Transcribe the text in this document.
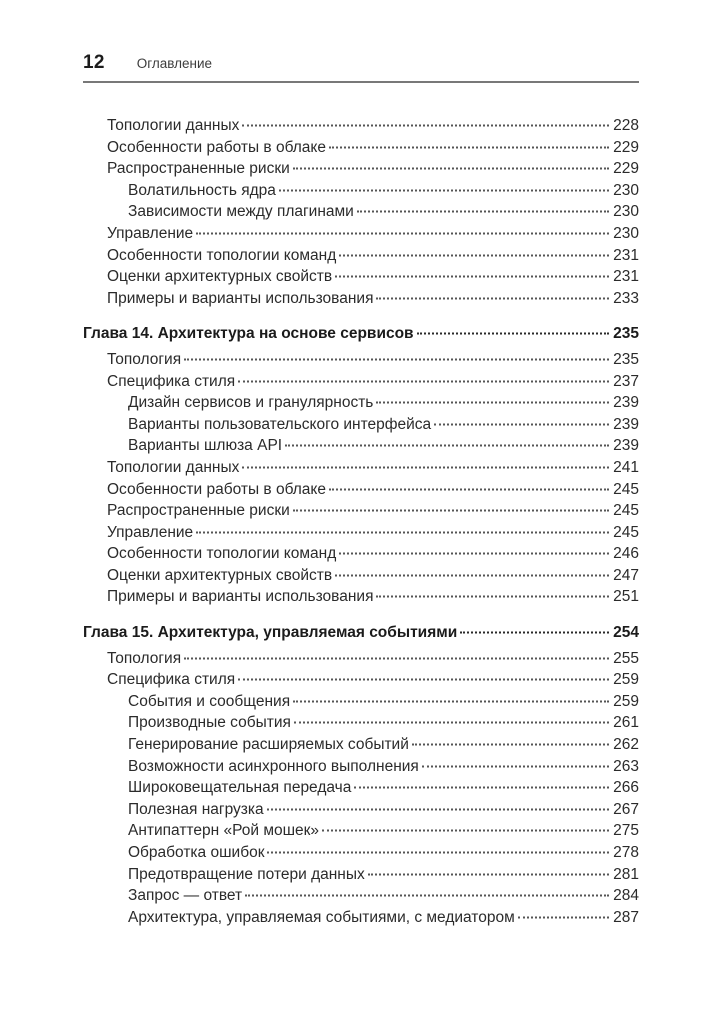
12 Оглавление
Топологии данных	228
Особенности работы в облаке	229
Распространенные риски	229
Волатильность ядра	230
Зависимости между плагинами	230
Управление	230
Особенности топологии команд	231
Оценки архитектурных свойств	231
Примеры и варианты использования	233
Глава 14. Архитектура на основе сервисов	235
Топология	235
Специфика стиля	237
Дизайн сервисов и гранулярность	239
Варианты пользовательского интерфейса	239
Варианты шлюза API	239
Топологии данных	241
Особенности работы в облаке	245
Распространенные риски	245
Управление	245
Особенности топологии команд	246
Оценки архитектурных свойств	247
Примеры и варианты использования	251
Глава 15. Архитектура, управляемая событиями	254
Топология	255
Специфика стиля	259
События и сообщения	259
Производные события	261
Генерирование расширяемых событий	262
Возможности асинхронного выполнения	263
Широковещательная передача	266
Полезная нагрузка	267
Антипаттерн «Рой мошек»	275
Обработка ошибок	278
Предотвращение потери данных	281
Запрос — ответ	284
Архитектура, управляемая событиями, с медиатором	287
